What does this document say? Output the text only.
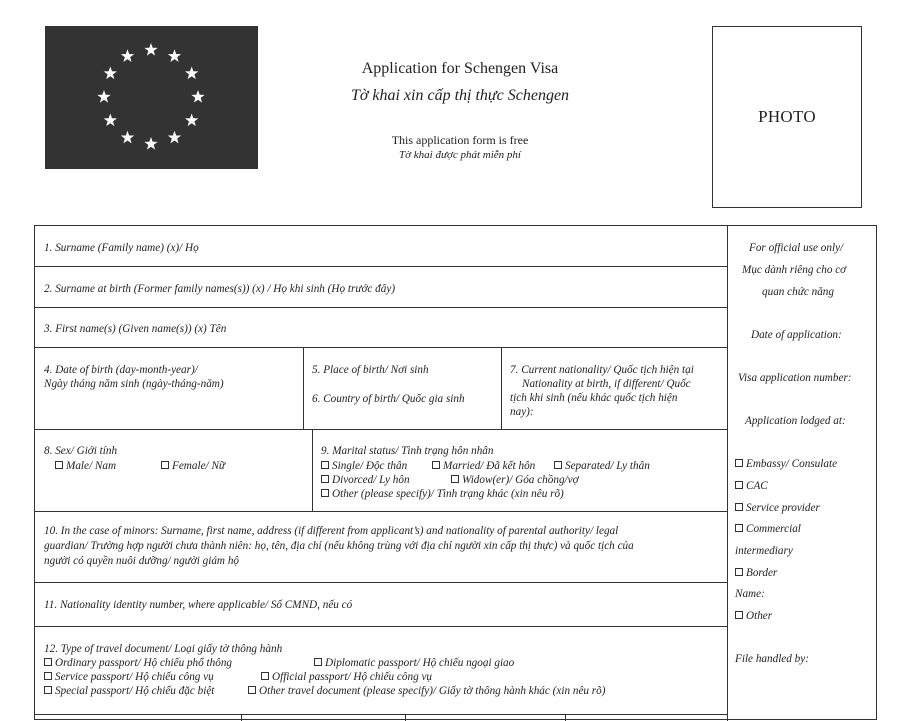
Application for Schengen Visa
Tờ khai xin cấp thị thực Schengen
This application form is free
Tờ khai được phát miễn phí
PHOTO
1. Surname (Family name) (x)/ Họ
2. Surname at birth (Former family names(s)) (x) / Họ khi sinh (Họ trước đây)
3. First name(s) (Given name(s)) (x) Tên
4. Date of birth (day-month-year)/
Ngày tháng năm sinh (ngày-tháng-năm)
5. Place of birth/ Nơi sinh
6. Country of birth/ Quốc gia sinh
7. Current nationality/ Quốc tịch hiện tại
Nationality at birth, if different/ Quốc
tịch khi sinh (nếu khác quốc tịch hiện
nay):
8. Sex/ Giới tính
Male/ Nam	Female/ Nữ
9. Marital status/ Tình trạng hôn nhân
Single/ Độc thân	Married/ Đã kết hôn	Separated/ Ly thân
Divorced/ Ly hôn	Widow(er)/ Góa chồng/vợ
Other (please specify)/ Tình trạng khác (xin nêu rõ)
10. In the case of minors: Surname, first name, address (if different from applicant’s) and nationality of parental authority/ legal
guardian/ Trường hợp người chưa thành niên: họ, tên, địa chỉ (nếu không trùng với địa chỉ người xin cấp thị thực) và quốc tịch của
người có quyền nuôi dưỡng/ người giám hộ
11. Nationality identity number, where applicable/ Số CMND, nếu có
12. Type of travel document/ Loại giấy tờ thông hành
Ordinary passport/ Hộ chiếu phổ thông	Diplomatic passport/ Hộ chiếu ngoại giao
Service passport/ Hộ chiếu công vụ	Official passport/ Hộ chiếu công vụ
Special passport/ Hộ chiếu đặc biệt	Other travel document (please specify)/ Giấy tờ thông hành khác (xin nêu rõ)
For official use only/
Mục dành riêng cho cơ
quan chức năng
Date of application:
Visa application number:
Application lodged at:
Embassy/ Consulate
CAC
Service provider
Commercial
intermediary
Border
Name:
Other
File handled by:
